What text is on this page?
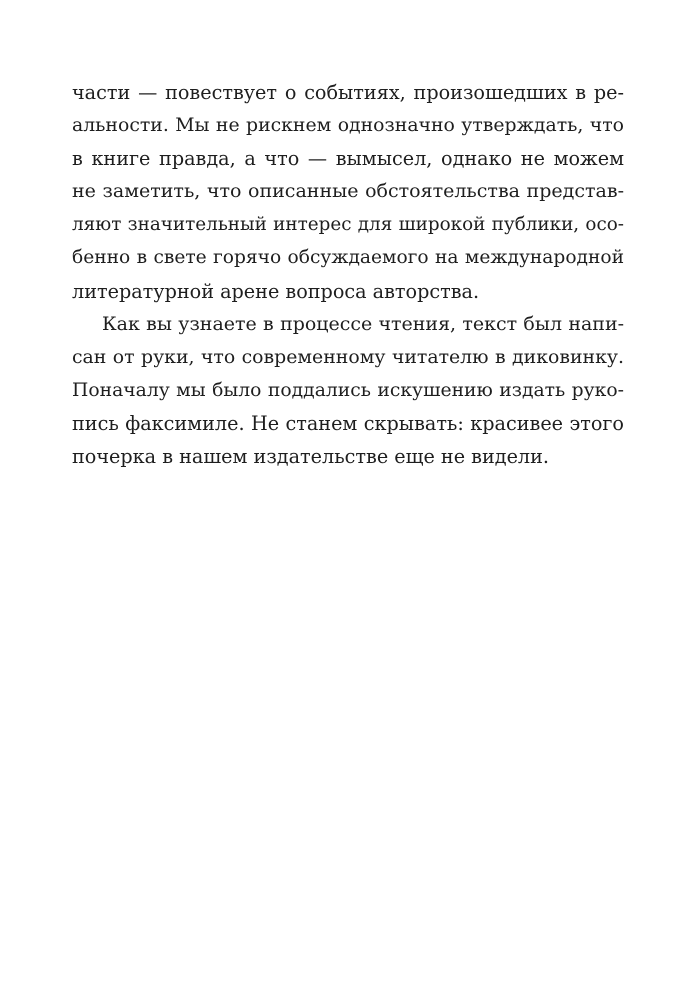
части — повествует о событиях, произошедших в ре-
альности. Мы не рискнем однозначно утверждать, что
в книге правда, а что — вымысел, однако не можем
не заметить, что описанные обстоятельства представ-
ляют значительный интерес для широкой публики, осо-
бенно в свете горячо обсуждаемого на международной
литературной арене вопроса авторства.
Как вы узнаете в процессе чтения, текст был напи-
сан от руки, что современному читателю в диковинку.
Поначалу мы было поддались искушению издать руко-
пись факсимиле. Не станем скрывать: красивее этого
почерка в нашем издательстве еще не видели.
